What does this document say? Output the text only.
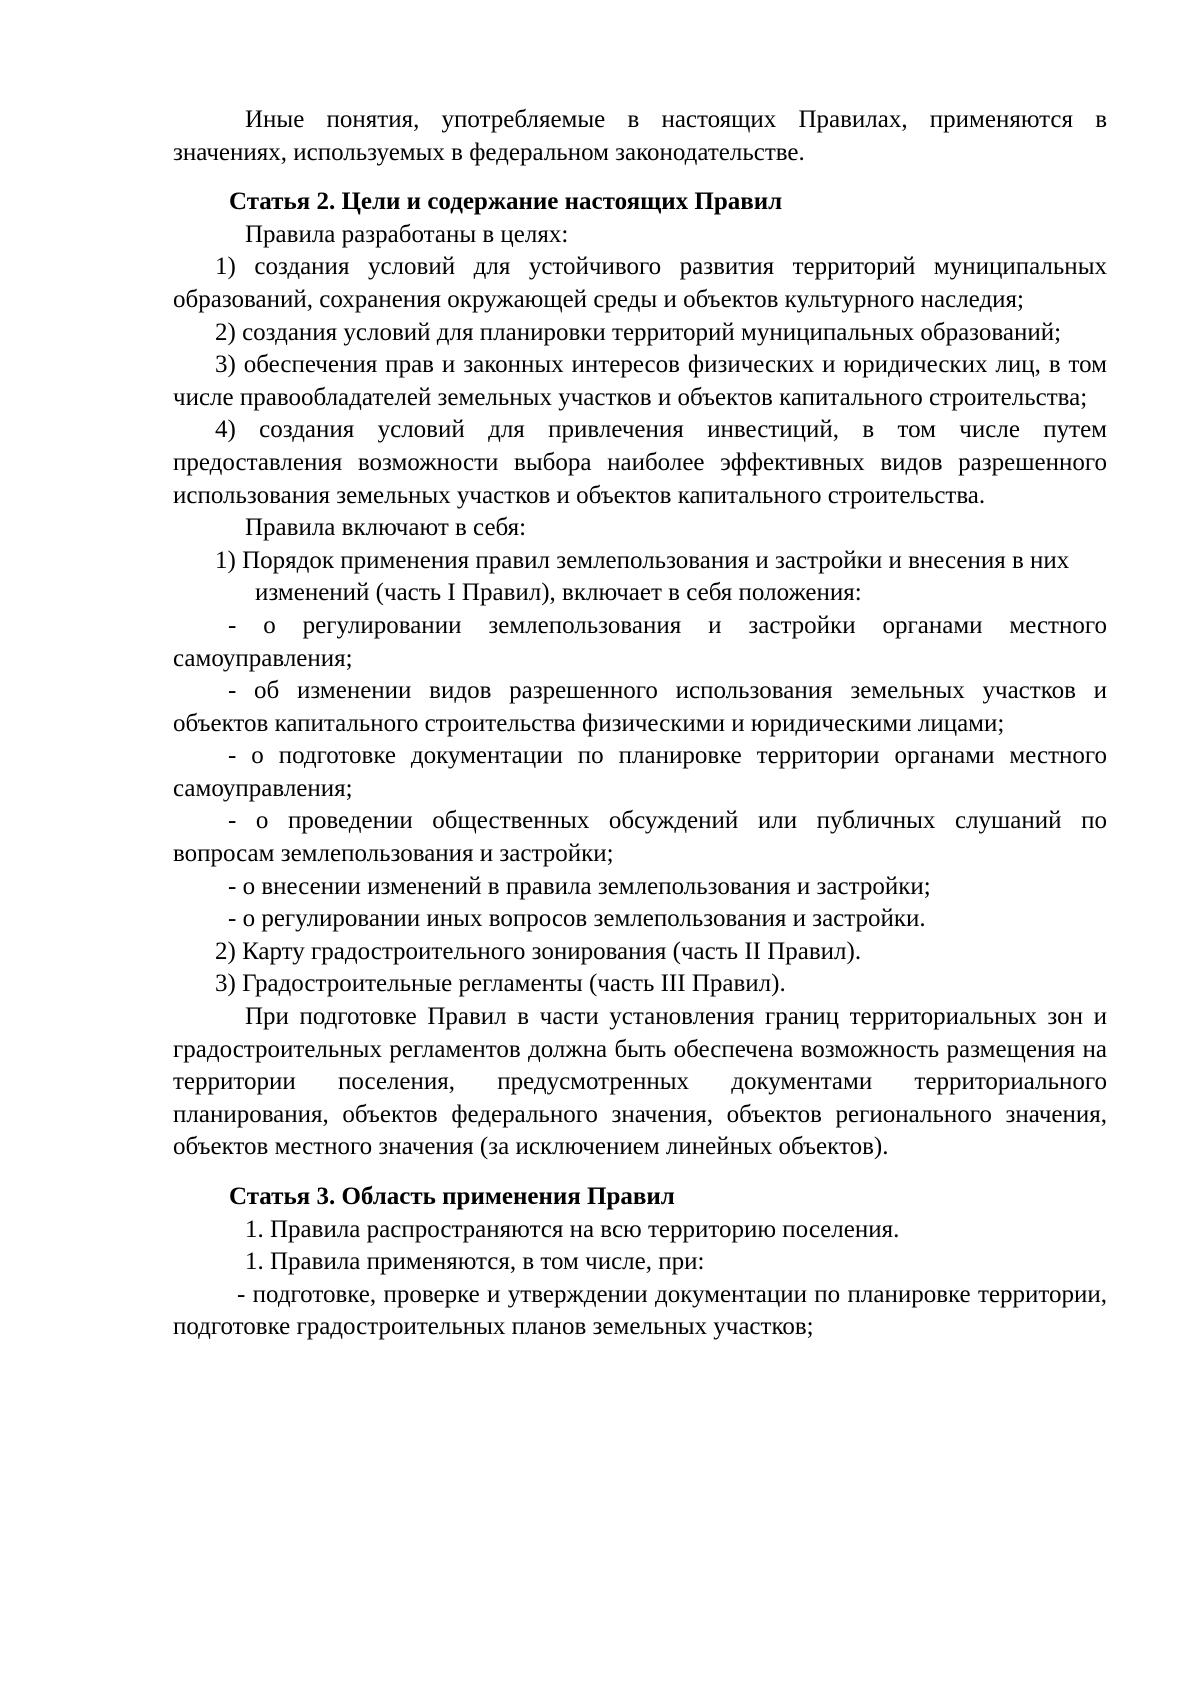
Иные понятия, употребляемые в настоящих Правилах, применяются в значениях, используемых в федеральном законодательстве.

Статья 2. Цели и содержание настоящих Правил

Правила разработаны в целях:

1) создания условий для устойчивого развития территорий муниципальных образований, сохранения окружающей среды и объектов культурного наследия;

2) создания условий для планировки территорий муниципальных образований;

3) обеспечения прав и законных интересов физических и юридических лиц, в том числе правообладателей земельных участков и объектов капитального строительства;

4) создания условий для привлечения инвестиций, в том числе путем предоставления возможности выбора наиболее эффективных видов разрешенного использования земельных участков и объектов капитального строительства.

Правила включают в себя:

1) Порядок применения правил землепользования и застройки и внесения в них изменений (часть I Правил), включает в себя положения:

- о регулировании землепользования и застройки органами местного самоуправления;

- об изменении видов разрешенного использования земельных участков и объектов капитального строительства физическими и юридическими лицами;

- о подготовке документации по планировке территории органами местного самоуправления;

- о проведении общественных обсуждений или публичных слушаний по вопросам землепользования и застройки;

- о внесении изменений в правила землепользования и застройки;

- о регулировании иных вопросов землепользования и застройки.

2) Карту градостроительного зонирования (часть II Правил).

3) Градостроительные регламенты (часть III Правил).

При подготовке Правил в части установления границ территориальных зон и градостроительных регламентов должна быть обеспечена возможность размещения на территории поселения, предусмотренных документами территориального планирования, объектов федерального значения, объектов регионального значения, объектов местного значения (за исключением линейных объектов).

Статья 3. Область применения Правил

1. Правила распространяются на всю территорию поселения.

1. Правила применяются, в том числе, при:

- подготовке, проверке и утверждении документации по планировке территории, подготовке градостроительных планов земельных участков;
